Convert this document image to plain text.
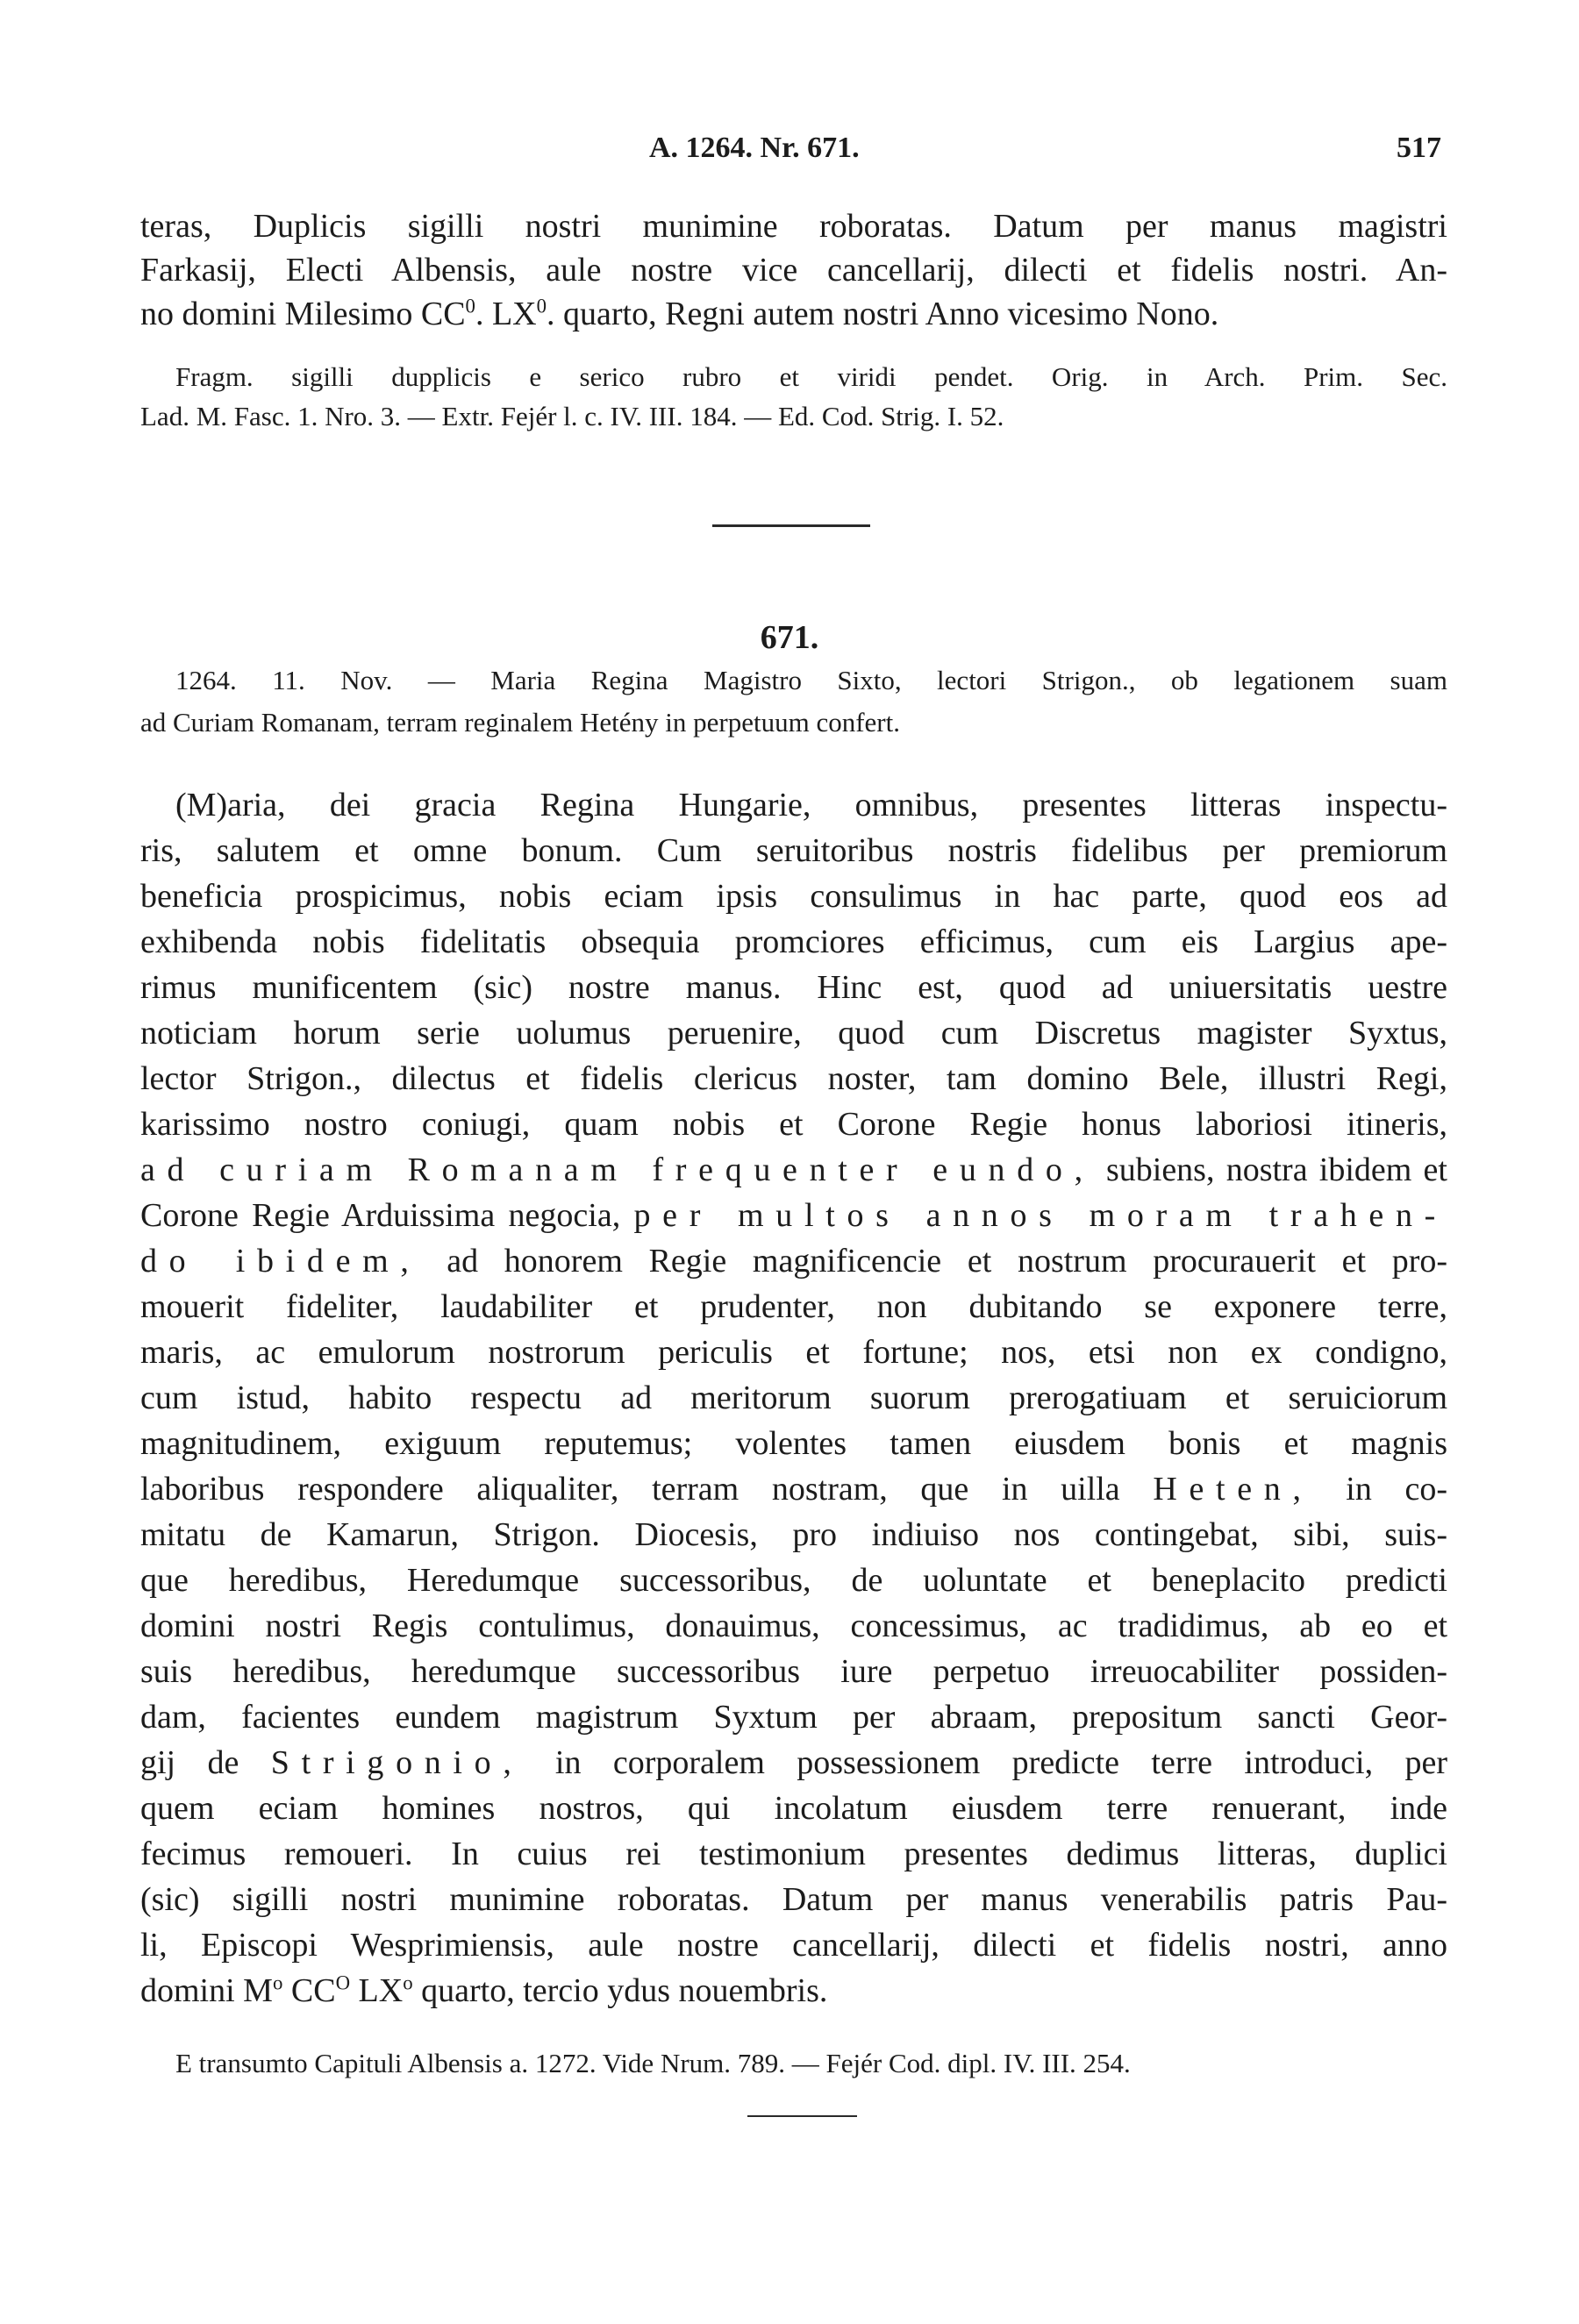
A. 1264. Nr. 671.	517

teras, Duplicis sigilli nostri munimine roboratas. Datum per manus magistri

Farkasij, Electi Albensis, aule nostre vice cancellarij, dilecti et fidelis nostri. An-

no domini Milesimo $CC^0$. $LX^0$. quarto, Regni autem nostri Anno vicesimo Nono.

Fragm. sigilli dupplicis e serico rubro et viridi pendet. Orig. in Arch. Prim. Sec.

Lad. M. Fasc. 1. Nro. 3. — Extr. Fejér l. c. IV. III. 184. — Ed. Cod. Strig. I. 52.

671.

1264. 11. Nov. — Maria Regina Magistro Sixto, lectori Strigon., ob legationem suam

ad Curiam Romanam, terram reginalem Hetény in perpetuum confert.

(M)aria, dei gracia Regina Hungarie, omnibus, presentes litteras inspectu-

ris, salutem et omne bonum. Cum seruitoribus nostris fidelibus per premiorum

beneficia prospicimus, nobis eciam ipsis consulimus in hac parte, quod eos ad

exhibenda nobis fidelitatis obsequia promciores efficimus, cum eis Largius ape-

rimus munificentem (sic) nostre manus. Hinc est, quod ad uniuersitatis uestre

noticiam horum serie uolumus peruenire, quod cum Discretus magister Syxtus,

lector Strigon., dilectus et fidelis clericus noster, tam domino Bele, illustri Regi,

karissimo nostro coniugi, quam nobis et Corone Regie honus laboriosi itineris,

ad curiam Romanam frequenter eundo, subiens, nostra ibidem et

Corone Regie Arduissima negocia, per multos annos moram trahen-

do ibidem, ad honorem Regie magnificencie et nostrum procurauerit et pro-

mouerit fideliter, laudabiliter et prudenter, non dubitando se exponere terre,

maris, ac emulorum nostrorum periculis et fortune; nos, etsi non ex condigno,

cum istud, habito respectu ad meritorum suorum prerogatiuam et seruiciorum

magnitudinem, exiguum reputemus; volentes tamen eiusdem bonis et magnis

laboribus respondere aliqualiter, terram nostram, que in uilla Heten, in co-

mitatu de Kamarun, Strigon. Diocesis, pro indiuiso nos contingebat, sibi, suis-

que heredibus, Heredumque successoribus, de uoluntate et beneplacito predicti

domini nostri Regis contulimus, donauimus, concessimus, ac tradidimus, ab eo et

suis heredibus, heredumque successoribus iure perpetuo irreuocabiliter possiden-

dam, facientes eundem magistrum Syxtum per abraam, prepositum sancti Geor-

gij de Strigonio, in corporalem possessionem predicte terre introduci, per

quem eciam homines nostros, qui incolatum eiusdem terre renuerant, inde

fecimus remoueri. In cuius rei testimonium presentes dedimus litteras, duplici

(sic) sigilli nostri munimine roboratas. Datum per manus venerabilis patris Pau-

li, Episcopi Wesprimiensis, aule nostre cancellarij, dilecti et fidelis nostri, anno

domini $M^o$ $CC^O$ $LX^o$ quarto, tercio ydus nouembris.

E transumto Capituli Albensis a. 1272. Vide Nrum. 789. — Fejér Cod. dipl. IV. III. 254.
